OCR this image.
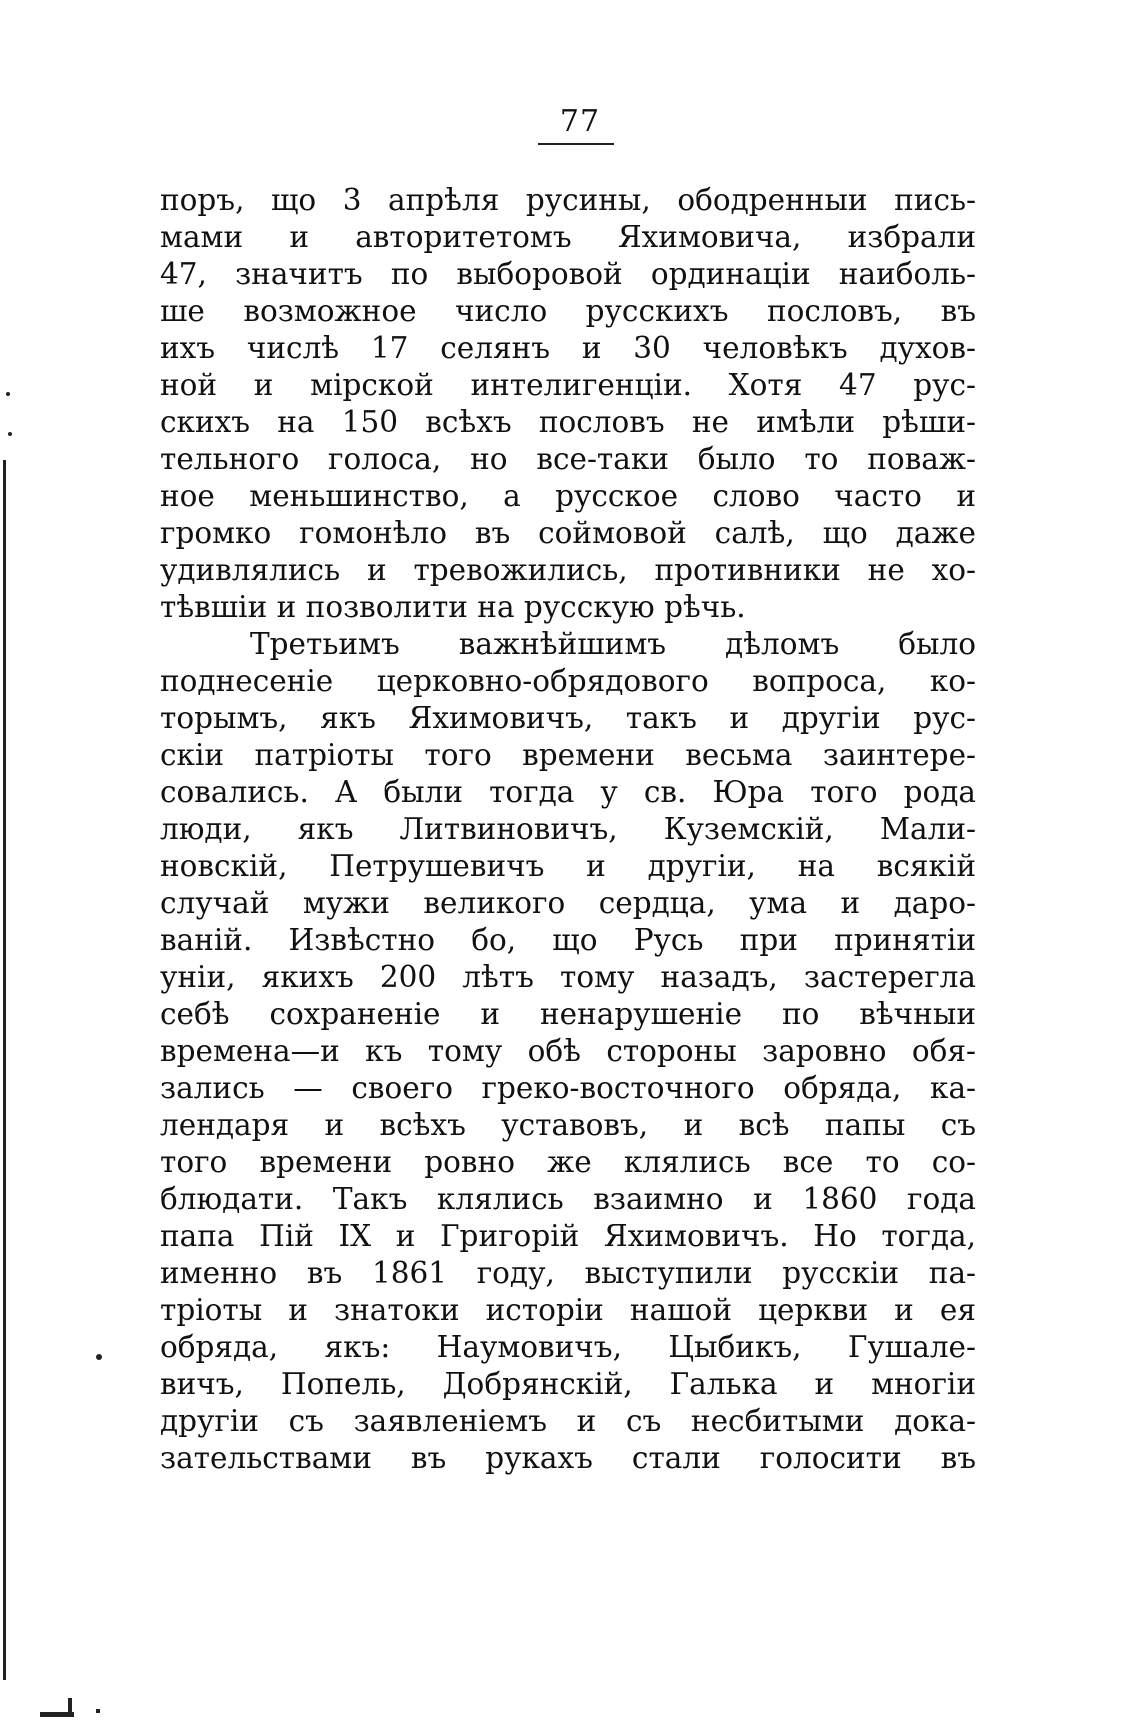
77
поръ, що 3 апрѣля русины, ободренныи пись-
мами и авторитетомъ Яхимовича, избрали
47, значитъ по выборовой ординаціи наиболь-
ше возможное число русскихъ пословъ, въ
ихъ числѣ 17 селянъ и 30 человѣкъ духов-
ной и мірской интелигенціи. Хотя 47 рус-
скихъ на 150 всѣхъ пословъ не имѣли рѣши-
тельного голоса, но все-таки было то поваж-
ное меньшинство, а русское слово часто и
громко гомонѣло въ соймовой салѣ, що даже
удивлялись и тревожились, противники не хо-
тѣвшіи и позволити на русскую рѣчь.
Третьимъ важнѣйшимъ дѣломъ было
поднесеніе церковно-обрядового вопроса, ко-
торымъ, якъ Яхимовичъ, такъ и другіи рус-
скіи патріоты того времени весьма заинтере-
совались. А были тогда у св. Юра того рода
люди, якъ Литвиновичъ, Куземскій, Мали-
новскій, Петрушевичъ и другіи, на всякій
случай мужи великого сердца, ума и даро-
ваній. Извѣстно бо, що Русь при принятіи
уніи, якихъ 200 лѣтъ тому назадъ, застерегла
себѣ сохраненіе и ненарушеніе по вѣчныи
времена—и къ тому обѣ стороны заровно обя-
зались — своего греко-восточного обряда, ка-
лендаря и всѣхъ уставовъ, и всѣ папы съ
того времени ровно же клялись все то со-
блюдати. Такъ клялись взаимно и 1860 года
папа Пій IX и Григорій Яхимовичъ. Но тогда,
именно въ 1861 году, выступили русскіи па-
тріоты и знатоки исторіи нашой церкви и ея
обряда, якъ: Наумовичъ, Цыбикъ, Гушале-
вичъ, Попель, Добрянскій, Галька и многіи
другіи съ заявленіемъ и съ несбитыми дока-
зательствами въ рукахъ стали голосити въ
